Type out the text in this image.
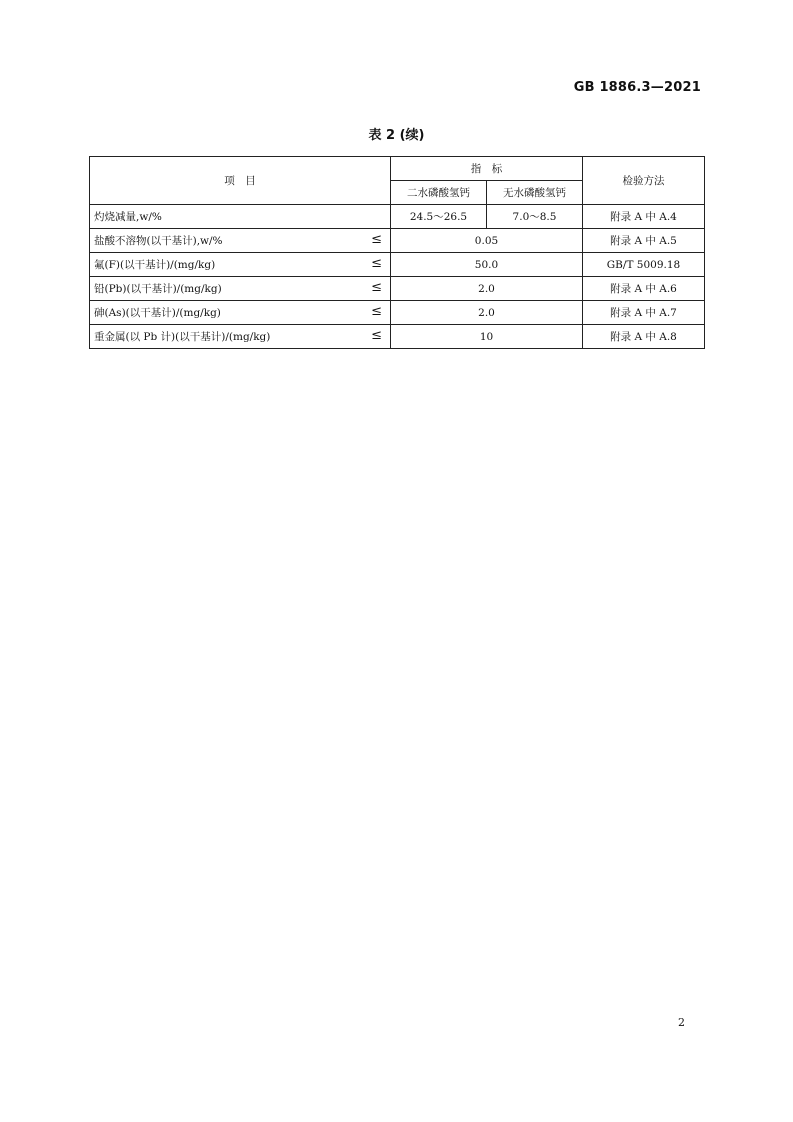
GB 1886.3—2021
表 2 (续)
项　目	指　标		检验方法
	二水磷酸氢钙	无水磷酸氢钙	
灼烧减量,w/%	24.5～26.5	7.0～8.5	附录 A 中 A.4
盐酸不溶物(以干基计),w/% ≤	0.05		附录 A 中 A.5
氟(F)(以干基计)/(mg/kg) ≤	50.0		GB/T 5009.18
铅(Pb)(以干基计)/(mg/kg) ≤	2.0		附录 A 中 A.6
砷(As)(以干基计)/(mg/kg) ≤	2.0		附录 A 中 A.7
重金属(以 Pb 计)(以干基计)/(mg/kg) ≤	10		附录 A 中 A.8
2
